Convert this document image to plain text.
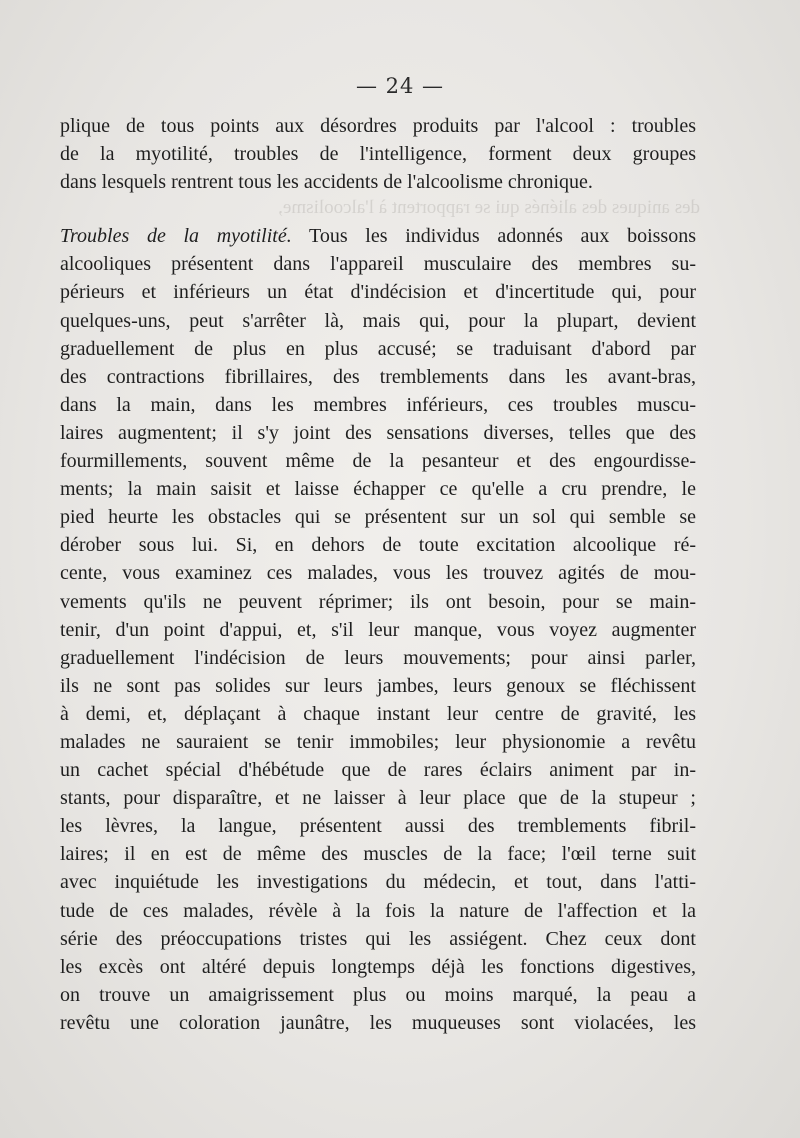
des aniques des aliénés qui se rapportent à l'alcoolisme,
— 24 —
plique de tous points aux désordres produits par l'alcool : troubles
de la myotilité, troubles de l'intelligence, forment deux groupes
dans lesquels rentrent tous les accidents de l'alcoolisme chronique.
Troubles de la myotilité. Tous les individus adonnés aux boissons
alcooliques présentent dans l'appareil musculaire des membres su-
périeurs et inférieurs un état d'indécision et d'incertitude qui, pour
quelques-uns, peut s'arrêter là, mais qui, pour la plupart, devient
graduellement de plus en plus accusé; se traduisant d'abord par
des contractions fibrillaires, des tremblements dans les avant-bras,
dans la main, dans les membres inférieurs, ces troubles muscu-
laires augmentent; il s'y joint des sensations diverses, telles que des
fourmillements, souvent même de la pesanteur et des engourdisse-
ments; la main saisit et laisse échapper ce qu'elle a cru prendre, le
pied heurte les obstacles qui se présentent sur un sol qui semble se
dérober sous lui. Si, en dehors de toute excitation alcoolique ré-
cente, vous examinez ces malades, vous les trouvez agités de mou-
vements qu'ils ne peuvent réprimer; ils ont besoin, pour se main-
tenir, d'un point d'appui, et, s'il leur manque, vous voyez augmenter
graduellement l'indécision de leurs mouvements; pour ainsi parler,
ils ne sont pas solides sur leurs jambes, leurs genoux se fléchissent
à demi, et, déplaçant à chaque instant leur centre de gravité, les
malades ne sauraient se tenir immobiles; leur physionomie a revêtu
un cachet spécial d'hébétude que de rares éclairs animent par in-
stants, pour disparaître, et ne laisser à leur place que de la stupeur ;
les lèvres, la langue, présentent aussi des tremblements fibril-
laires; il en est de même des muscles de la face; l'œil terne suit
avec inquiétude les investigations du médecin, et tout, dans l'atti-
tude de ces malades, révèle à la fois la nature de l'affection et la
série des préoccupations tristes qui les assiégent. Chez ceux dont
les excès ont altéré depuis longtemps déjà les fonctions digestives,
on trouve un amaigrissement plus ou moins marqué, la peau a
revêtu une coloration jaunâtre, les muqueuses sont violacées, les
